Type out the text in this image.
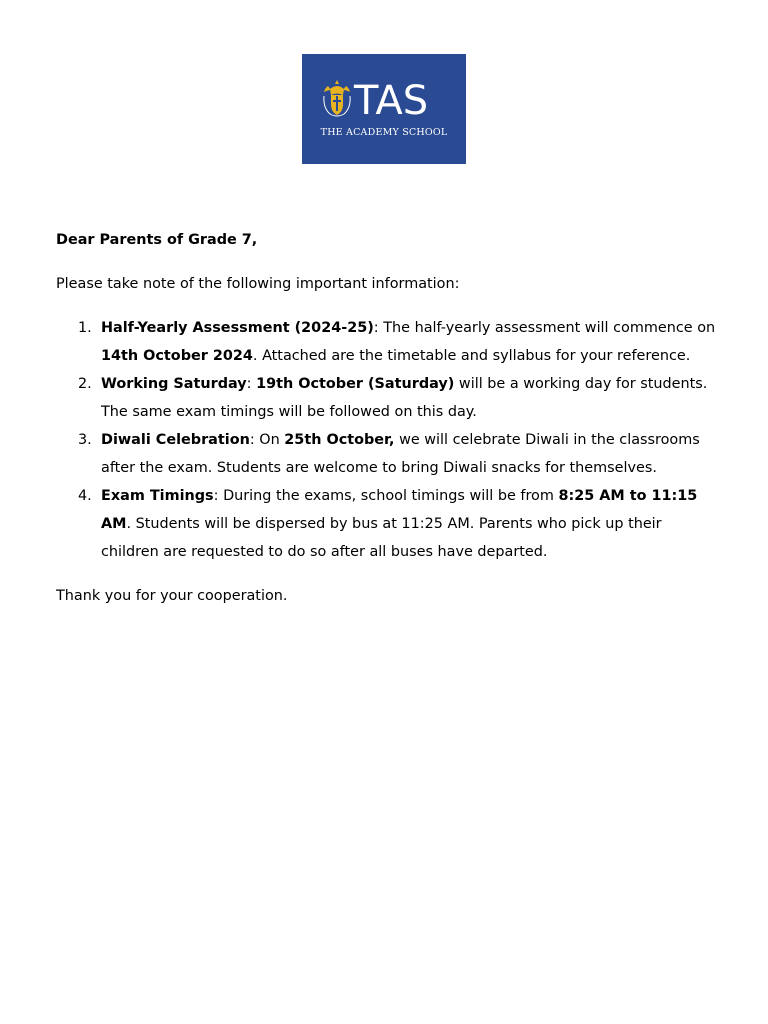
TAS
THE ACADEMY SCHOOL

Dear Parents of Grade 7,

Please take note of the following important information:

1. Half-Yearly Assessment (2024-25): The half-yearly assessment will commence on 14th October 2024. Attached are the timetable and syllabus for your reference.
2. Working Saturday: 19th October (Saturday) will be a working day for students. The same exam timings will be followed on this day.
3. Diwali Celebration: On 25th October, we will celebrate Diwali in the classrooms after the exam. Students are welcome to bring Diwali snacks for themselves.
4. Exam Timings: During the exams, school timings will be from 8:25 AM to 11:15 AM. Students will be dispersed by bus at 11:25 AM. Parents who pick up their children are requested to do so after all buses have departed.

Thank you for your cooperation.
